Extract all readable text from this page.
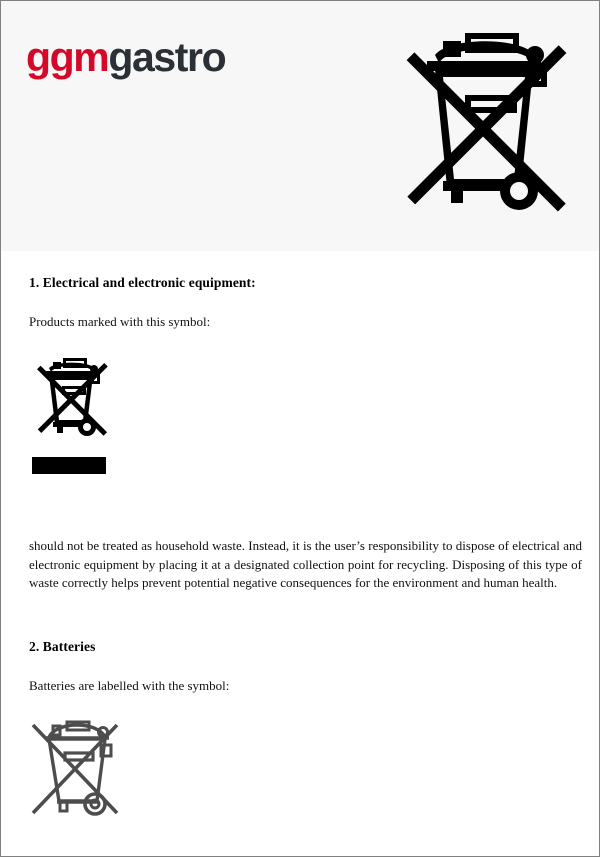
ggmgastro
1. Electrical and electronic equipment:

Products marked with this symbol:

should not be treated as household waste. Instead, it is the user’s responsibility to dispose of electrical and electronic equipment by placing it at a designated collection point for recycling. Disposing of this type of waste correctly helps prevent potential negative consequences for the environment and human health.

2. Batteries

Batteries are labelled with the symbol:
